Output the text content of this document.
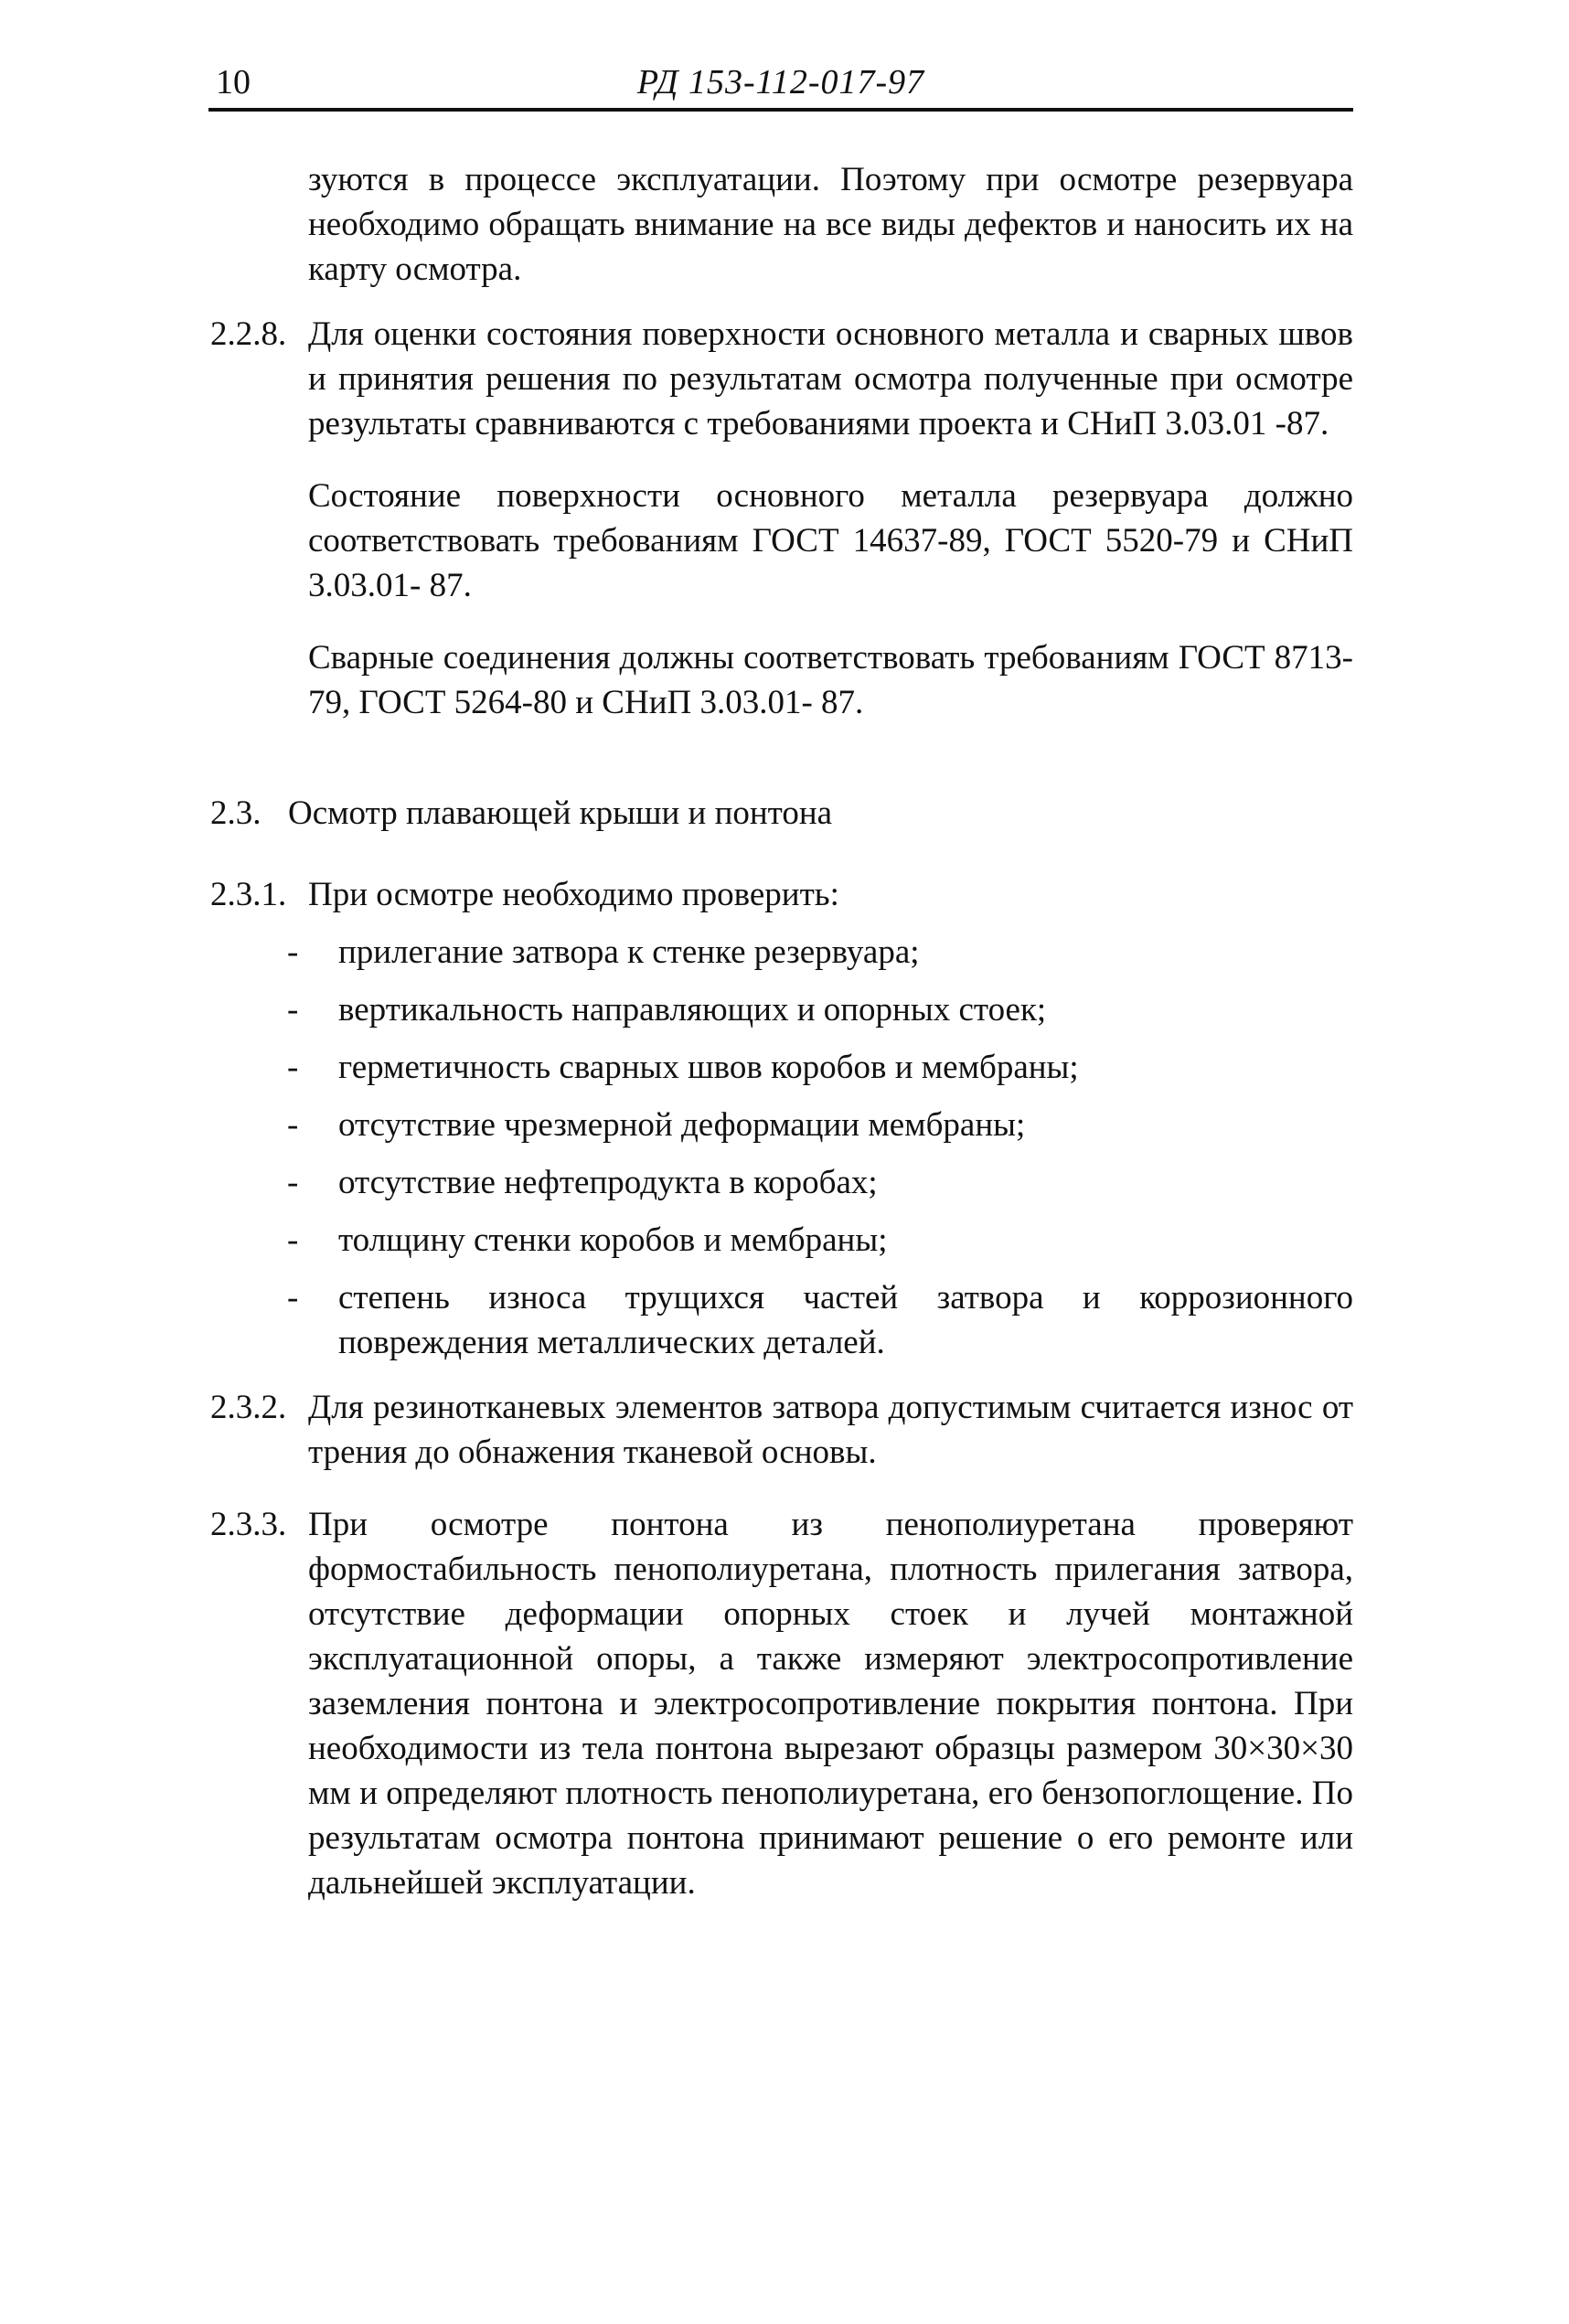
10	РД 153-112-017-97

зуются в процессе эксплуатации. Поэтому при осмотре резервуара необходимо обращать внимание на все виды дефектов и наносить их на карту осмотра.

2.2.8. Для оценки состояния поверхности основного металла и сварных швов и принятия решения по результатам осмотра полученные при осмотре результаты сравниваются с требованиями проекта и СНиП 3.03.01 -87.

Состояние поверхности основного металла резервуара должно соответствовать требованиям ГОСТ 14637-89, ГОСТ 5520-79 и СНиП 3.03.01- 87.

Сварные соединения должны соответствовать требованиям ГОСТ 8713-79, ГОСТ 5264-80 и СНиП 3.03.01- 87.

2.3. Осмотр плавающей крыши и понтона
2.3.1. При осмотре необходимо проверить:

-	прилегание затвора к стенке резервуара;
-	вертикальность направляющих и опорных стоек;
-	герметичность сварных швов коробов и мембраны;
-	отсутствие чрезмерной деформации мембраны;
-	отсутствие нефтепродукта в коробах;
-	толщину стенки коробов и мембраны;
-	степень износа трущихся частей затвора и коррозионного повреждения металлических деталей.
2.3.2. Для резинотканевых элементов затвора допустимым считается износ от трения до обнажения тканевой основы.

2.3.3. При осмотре понтона из пенополиуретана проверяют формостабильность пенополиуретана, плотность прилегания затвора, отсутствие деформации опорных стоек и лучей монтажной эксплуатационной опоры, а также измеряют электросопротивление заземления понтона и электросопротивление покрытия понтона. При необходимости из тела понтона вырезают образцы размером 30×30×30 мм и определяют плотность пенополиуретана, его бензопоглощение. По результатам осмотра понтона принимают решение о его ремонте или дальнейшей эксплуатации.
